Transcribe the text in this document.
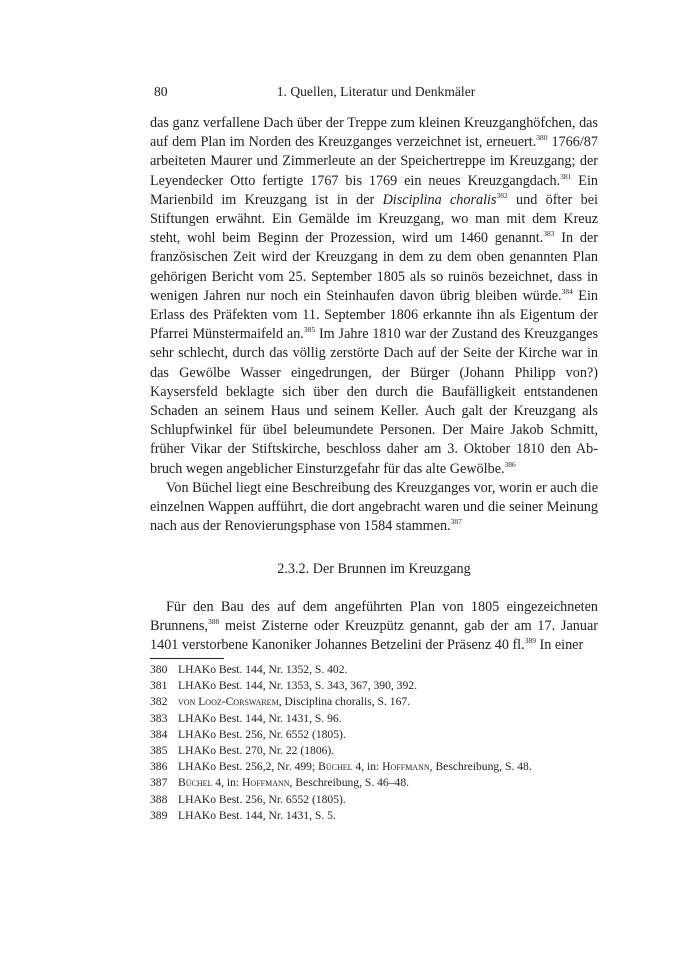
80	1. Quellen, Literatur und Denkmäler

das ganz verfallene Dach über der Treppe zum kleinen Kreuzganghöfchen, das auf dem Plan im Norden des Kreuzganges verzeichnet ist, erneuert.$^{380}$ 1766/87 arbeiteten Maurer und Zimmerleute an der Speichertreppe im Kreuzgang; der Leyendecker Otto fertigte 1767 bis 1769 ein neues Kreuzgangdach.$^{381}$ Ein Marienbild im Kreuzgang ist in der Disciplina choralis$^{382}$ und öfter bei Stiftungen erwähnt. Ein Gemälde im Kreuzgang, wo man mit dem Kreuz steht, wohl beim Beginn der Prozession, wird um 1460 genannt.$^{383}$ In der französischen Zeit wird der Kreuzgang in dem zu dem oben genannten Plan gehörigen Bericht vom 25. September 1805 als so ruinös bezeichnet, dass in wenigen Jahren nur noch ein Steinhaufen davon übrig bleiben würde.$^{384}$ Ein Erlass des Präfekten vom 11. September 1806 erkannte ihn als Eigentum der Pfarrei Münstermaifeld an.$^{385}$ Im Jahre 1810 war der Zustand des Kreuzganges sehr schlecht, durch das völlig zerstörte Dach auf der Seite der Kirche war in das Gewölbe Wasser eingedrungen, der Bürger (Johann Philipp von?) Kaysersfeld beklagte sich über den durch die Baufälligkeit entstandenen Schaden an seinem Haus und seinem Keller. Auch galt der Kreuzgang als Schlupfwinkel für übel beleumundete Personen. Der Maire Jakob Schmitt, früher Vikar der Stiftskirche, beschloss daher am 3. Oktober 1810 den Abbruch wegen angeblicher Einsturzgefahr für das alte Gewölbe.$^{386}$

Von Büchel liegt eine Beschreibung des Kreuzganges vor, worin er auch die einzelnen Wappen aufführt, die dort angebracht waren und die seiner Meinung nach aus der Renovierungsphase von 1584 stammen.$^{387}$

2.3.2. Der Brunnen im Kreuzgang

Für den Bau des auf dem angeführten Plan von 1805 eingezeichneten Brunnens,$^{388}$ meist Zisterne oder Kreuzpütz genannt, gab der am 17. Januar 1401 verstorbene Kanoniker Johannes Betzelini der Präsenz 40 fl.$^{389}$ In einer

380 LHAKo Best. 144, Nr. 1352, S. 402.
381 LHAKo Best. 144, Nr. 1353, S. 343, 367, 390, 392.
382 von Looz-Corswarem, Disciplina choralis, S. 167.
383 LHAKo Best. 144, Nr. 1431, S. 96.
384 LHAKo Best. 256, Nr. 6552 (1805).
385 LHAKo Best. 270, Nr. 22 (1806).
386 LHAKo Best. 256,2, Nr. 499; Büchel 4, in: Hoffmann, Beschreibung, S. 48.
387 Büchel 4, in: Hoffmann, Beschreibung, S. 46–48.
388 LHAKo Best. 256, Nr. 6552 (1805).
389 LHAKo Best. 144, Nr. 1431, S. 5.
